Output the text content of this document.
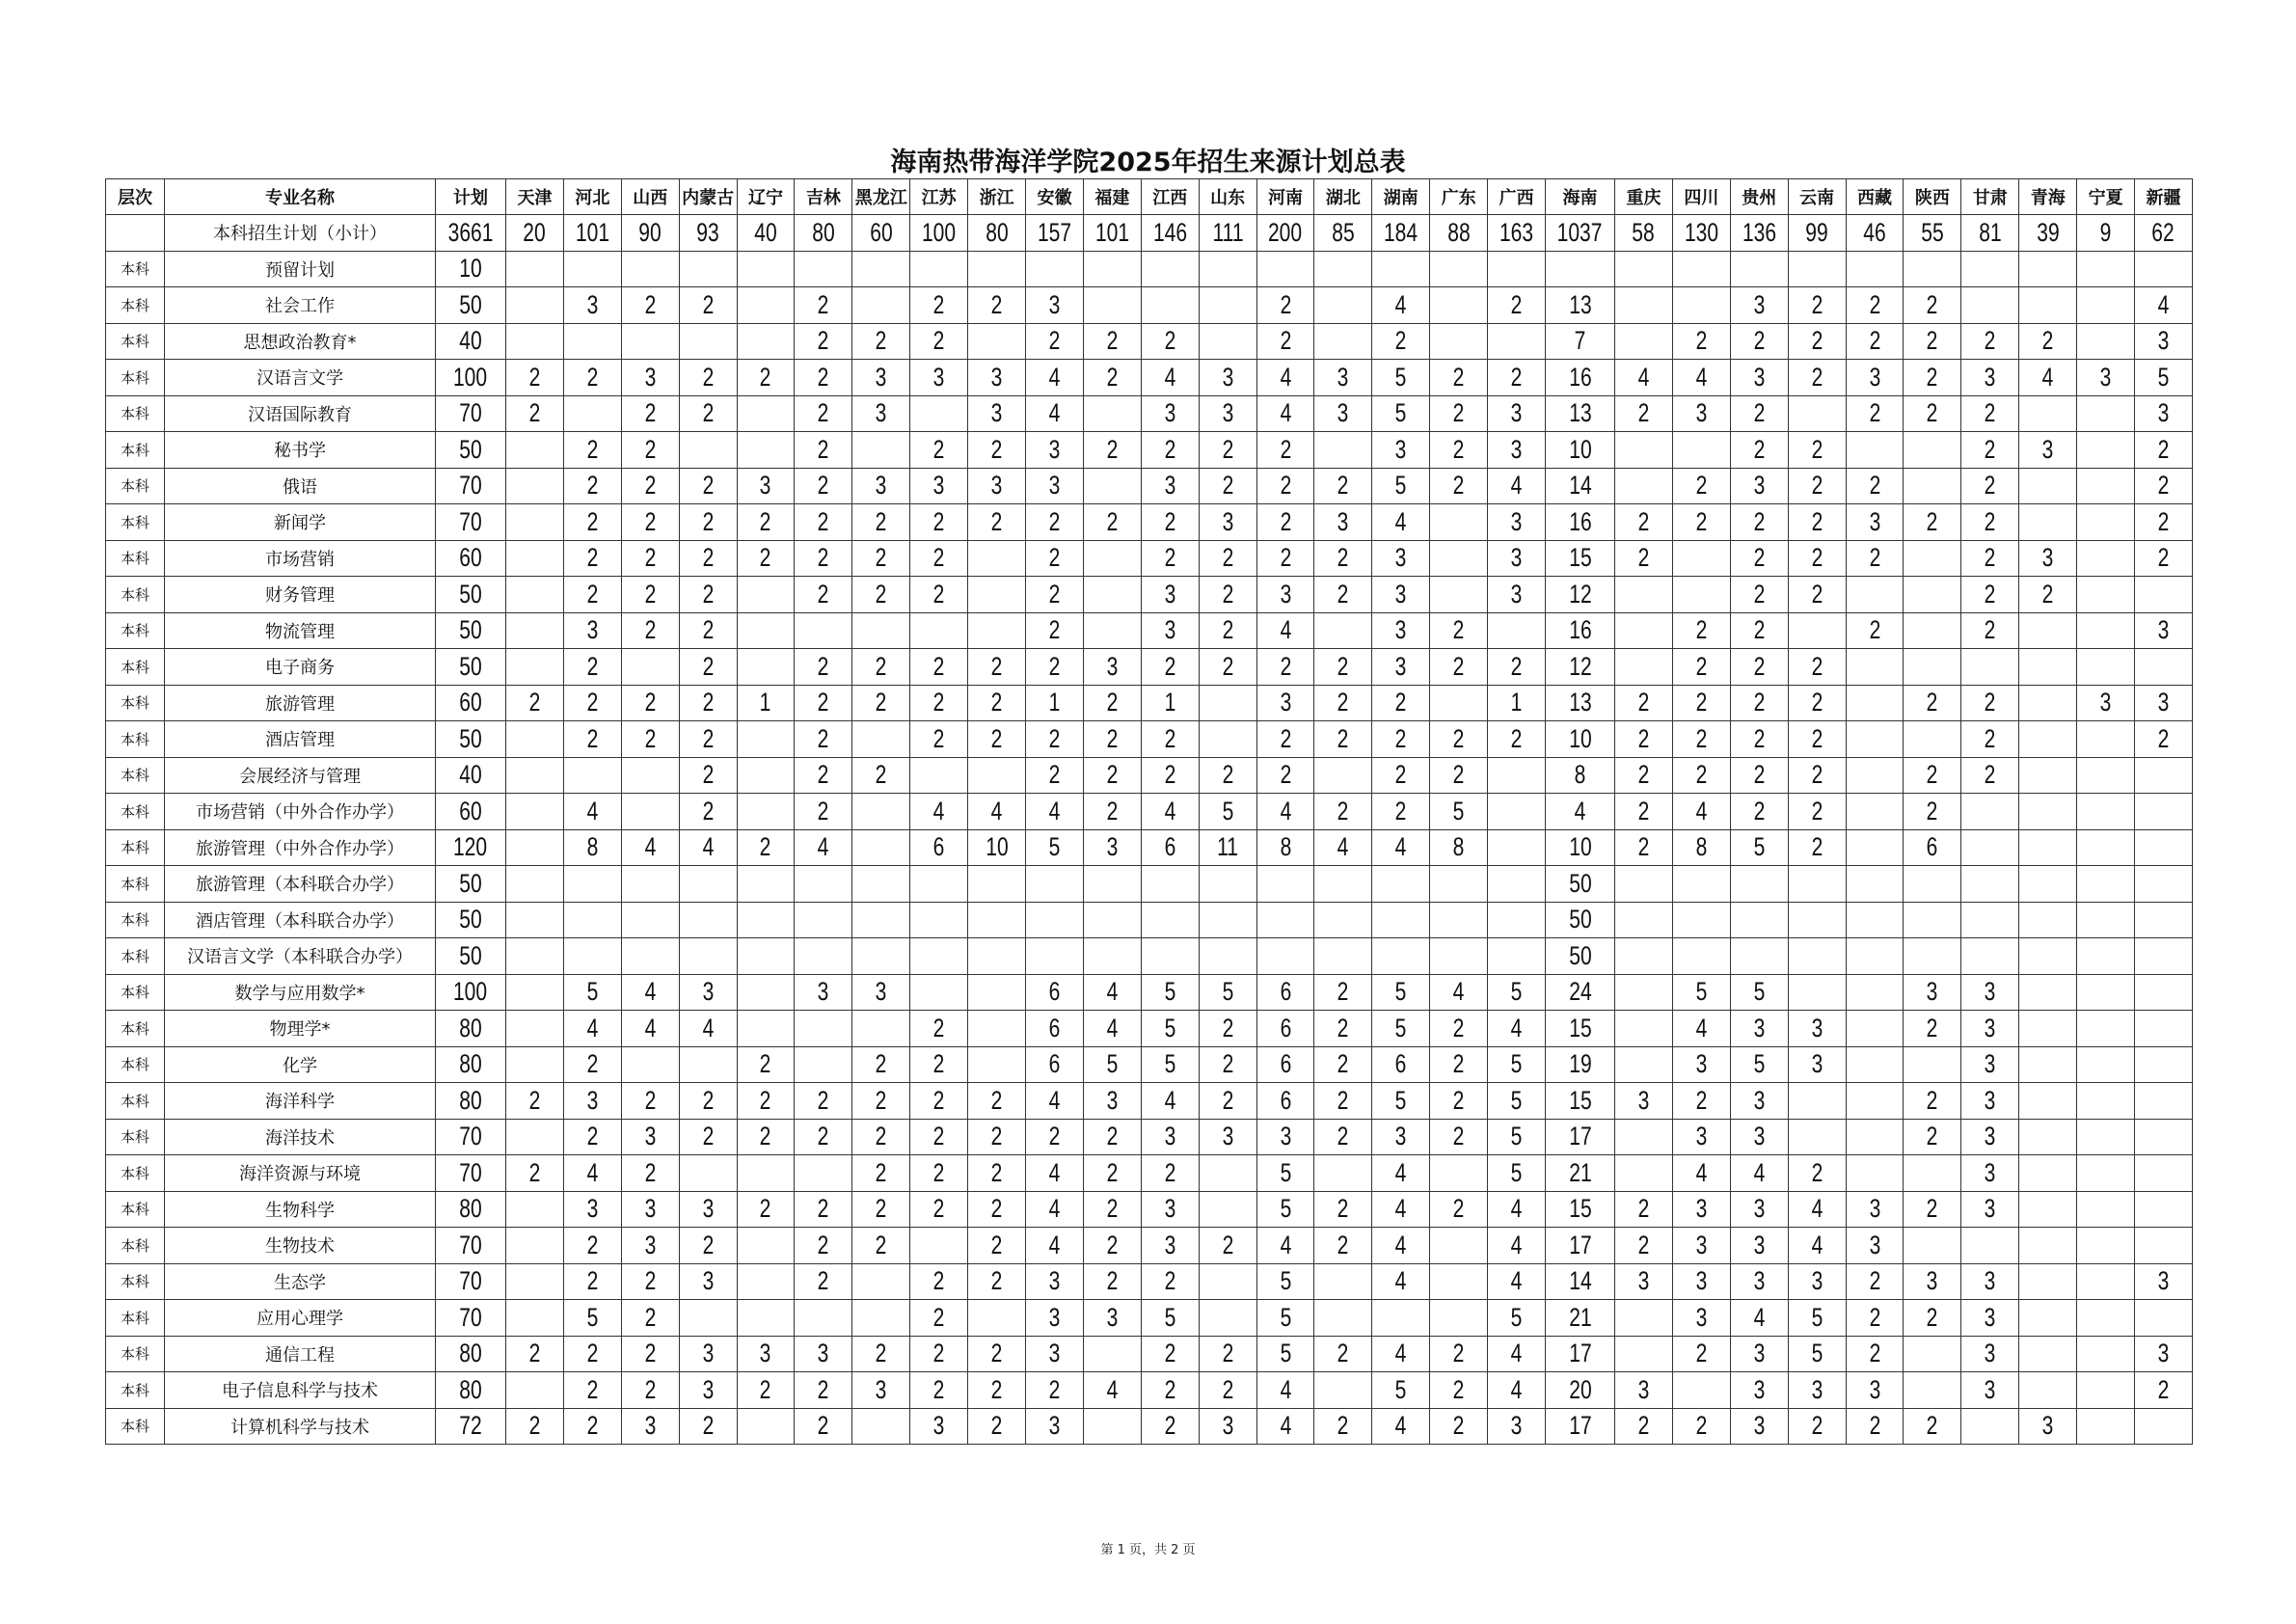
海南热带海洋学院2025年招生来源计划总表
层次	专业名称	计划	天津	河北	山西	内蒙古	辽宁	吉林	黑龙江	江苏	浙江	安徽	福建	江西	山东	河南	湖北	湖南	广东	广西	海南	重庆	四川	贵州	云南	西藏	陕西	甘肃	青海	宁夏	新疆
	本科招生计划（小计）	3661	20	101	90	93	40	80	60	100	80	157	101	146	111	200	85	184	88	163	1037	58	130	136	99	46	55	81	39	9	62
本科	预留计划	10																													
本科	社会工作	50		3	2	2		2		2	2	3				2		4		2	13			3	2	2	2				4
本科	思想政治教育*	40						2	2	2		2	2	2		2		2			7		2	2	2	2	2	2	2		3
本科	汉语言文学	100	2	2	3	2	2	2	3	3	3	4	2	4	3	4	3	5	2	2	16	4	4	3	2	3	2	3	4	3	5
本科	汉语国际教育	70	2		2	2		2	3		3	4		3	3	4	3	5	2	3	13	2	3	2		2	2	2			3
本科	秘书学	50		2	2			2		2	2	3	2	2	2	2		3	2	3	10			2	2			2	3		2
本科	俄语	70		2	2	2	3	2	3	3	3	3		3	2	2	2	5	2	4	14		2	3	2	2		2			2
本科	新闻学	70		2	2	2	2	2	2	2	2	2	2	2	3	2	3	4		3	16	2	2	2	2	3	2	2			2
本科	市场营销	60		2	2	2	2	2	2	2		2		2	2	2	2	3		3	15	2		2	2	2		2	3		2
本科	财务管理	50		2	2	2		2	2	2		2		3	2	3	2	3		3	12			2	2			2	2		
本科	物流管理	50		3	2	2						2		3	2	4		3	2		16		2	2		2		2			3
本科	电子商务	50		2		2		2	2	2	2	2	3	2	2	2	2	3	2	2	12		2	2	2						
本科	旅游管理	60	2	2	2	2	1	2	2	2	2	1	2	1		3	2	2		1	13	2	2	2	2		2	2		3	3
本科	酒店管理	50		2	2	2		2		2	2	2	2	2		2	2	2	2	2	10	2	2	2	2			2			2
本科	会展经济与管理	40				2		2	2			2	2	2	2	2		2	2		8	2	2	2	2		2	2			
本科	市场营销（中外合作办学）	60		4		2		2		4	4	4	2	4	5	4	2	2	5		4	2	4	2	2		2				
本科	旅游管理（中外合作办学）	120		8	4	4	2	4		6	10	5	3	6	11	8	4	4	8		10	2	8	5	2		6				
本科	旅游管理（本科联合办学）	50																			50										
本科	酒店管理（本科联合办学）	50																			50										
本科	汉语言文学（本科联合办学）	50																			50										
本科	数学与应用数学*	100		5	4	3		3	3			6	4	5	5	6	2	5	4	5	24		5	5			3	3			
本科	物理学*	80		4	4	4				2		6	4	5	2	6	2	5	2	4	15		4	3	3		2	3			
本科	化学	80		2			2		2	2		6	5	5	2	6	2	6	2	5	19		3	5	3			3			
本科	海洋科学	80	2	3	2	2	2	2	2	2	2	4	3	4	2	6	2	5	2	5	15	3	2	3			2	3			
本科	海洋技术	70		2	3	2	2	2	2	2	2	2	2	3	3	3	2	3	2	5	17		3	3			2	3			
本科	海洋资源与环境	70	2	4	2				2	2	2	4	2	2		5		4		5	21		4	4	2			3			
本科	生物科学	80		3	3	3	2	2	2	2	2	4	2	3		5	2	4	2	4	15	2	3	3	4	3	2	3			
本科	生物技术	70		2	3	2		2	2		2	4	2	3	2	4	2	4		4	17	2	3	3	4	3					
本科	生态学	70		2	2	3		2		2	2	3	2	2		5		4		4	14	3	3	3	3	2	3	3			3
本科	应用心理学	70		5	2					2		3	3	5		5				5	21		3	4	5	2	2	3			
本科	通信工程	80	2	2	2	3	3	3	2	2	2	3		2	2	5	2	4	2	4	17		2	3	5	2		3			3
本科	电子信息科学与技术	80		2	2	3	2	2	3	2	2	2	4	2	2	4		5	2	4	20	3		3	3	3		3			2
本科	计算机科学与技术	72	2	2	3	2		2		3	2	3		2	3	4	2	4	2	3	17	2	2	3	2	2	2		3		
第 1 页，共 2 页
